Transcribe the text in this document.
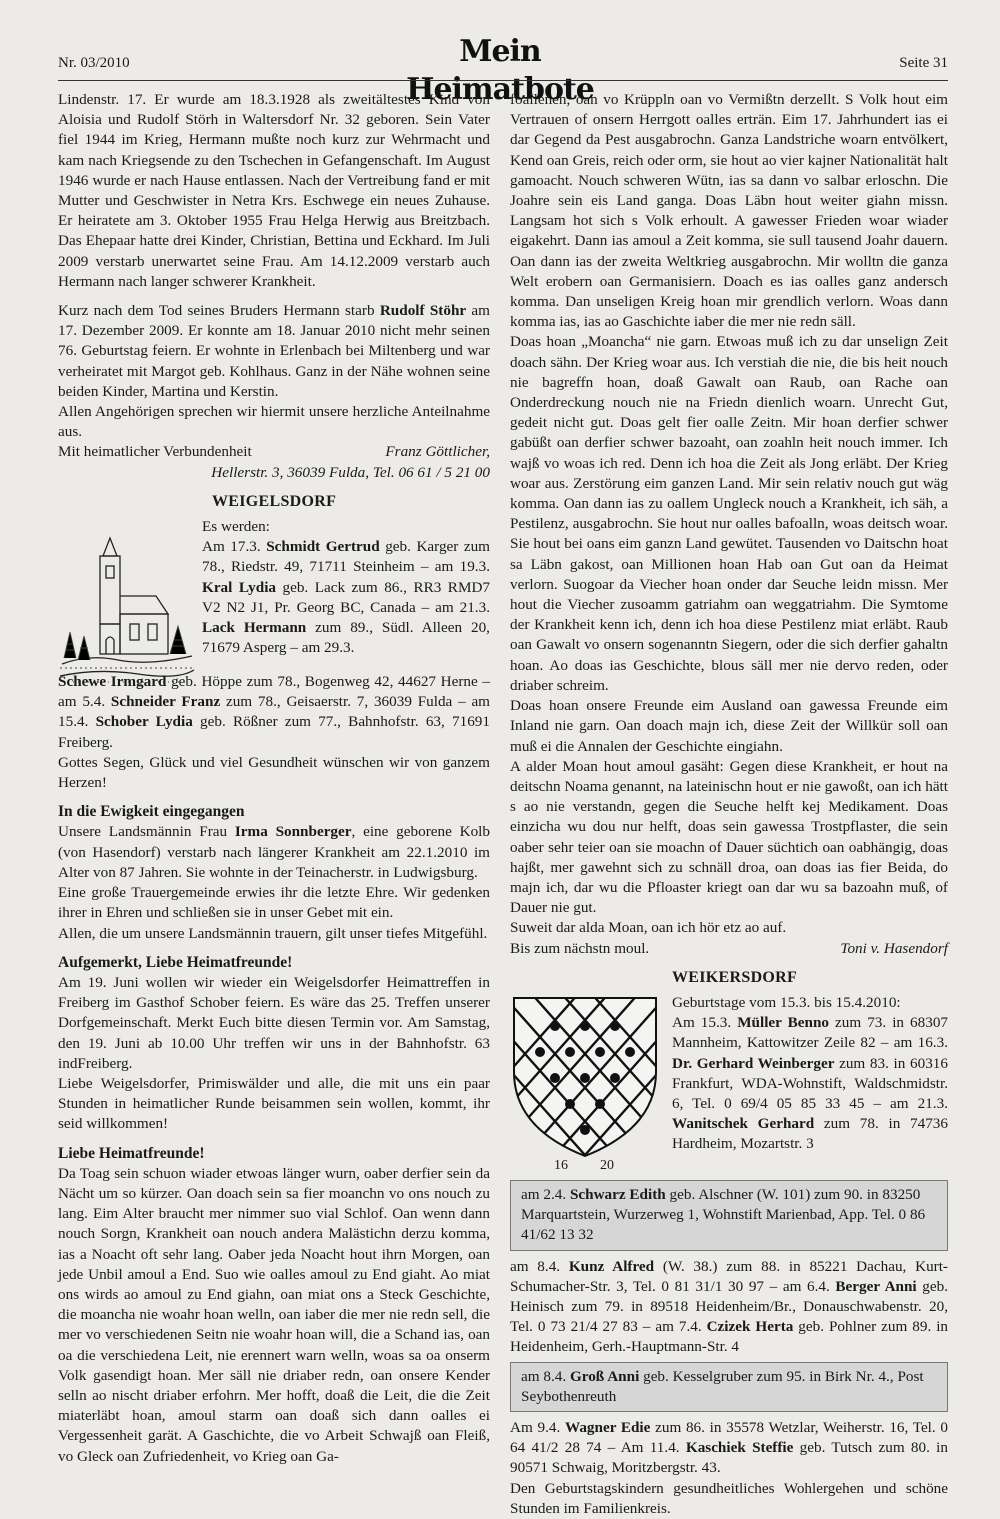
Nr. 03/2010	Mein Heimatbote
Seite 31

Lindenstr. 17. Er wurde am 18.3.1928 als zweitältestes Kind von Aloisia und Rudolf Störh in Waltersdorf Nr. 32 geboren. Sein Vater fiel 1944 im Krieg, Hermann mußte noch kurz zur Wehrmacht und kam nach Kriegsende zu den Tschechen in Gefangenschaft. Im August 1946 wurde er nach Hause entlassen. Nach der Vertreibung fand er mit Mutter und Geschwister in Netra Krs. Eschwege ein neues Zuhause. Er heiratete am 3. Oktober 1955 Frau Helga Herwig aus Breitzbach. Das Ehepaar hatte drei Kinder, Christian, Bettina und Eckhard. Im Juli 2009 verstarb unerwartet seine Frau. Am 14.12.2009 verstarb auch Hermann nach langer schwerer Krankheit.

Kurz nach dem Tod seines Bruders Hermann starb Rudolf Stöhr am 17. Dezember 2009. Er konnte am 18. Januar 2010 nicht mehr seinen 76. Geburtstag feiern. Er wohnte in Erlenbach bei Miltenberg und war verheiratet mit Margot geb. Kohlhaus. Ganz in der Nähe wohnen seine beiden Kinder, Martina und Kerstin.

Allen Angehörigen sprechen wir hiermit unsere herzliche Anteilnahme aus.

Mit heimatlicher Verbundenheit	Franz Göttlicher,

Hellerstr. 3, 36039 Fulda, Tel. 06 61 / 5 21 00

WEIGELSDORF

Es werden:

Am 17.3. Schmidt Gertrud geb. Karger zum 78., Riedstr. 49, 71711 Steinheim – am 19.3. Kral Lydia geb. Lack zum 86., RR3 RMD7 V2 N2 J1, Pr. Georg BC, Canada – am 21.3. Lack Hermann zum 89., Südl. Alleen 20, 71679 Asperg – am 29.3.

Schewe Irmgard geb. Höppe zum 78., Bogenweg 42, 44627 Herne – am 5.4. Schneider Franz zum 78., Geisaerstr. 7, 36039 Fulda – am 15.4. Schober Lydia geb. Rößner zum 77., Bahnhofstr. 63, 71691 Freiberg.

Gottes Segen, Glück und viel Gesundheit wünschen wir von ganzem Herzen!

In die Ewigkeit eingegangen

Unsere Landsmännin Frau Irma Sonnberger, eine geborene Kolb (von Hasendorf) verstarb nach längerer Krankheit am 22.1.2010 im Alter von 87 Jahren. Sie wohnte in der Teinacherstr. in Ludwigsburg.

Eine große Trauergemeinde erwies ihr die letzte Ehre. Wir gedenken ihrer in Ehren und schließen sie in unser Gebet mit ein.

Allen, die um unsere Landsmännin trauern, gilt unser tiefes Mitgefühl.

Aufgemerkt, Liebe Heimatfreunde!

Am 19. Juni wollen wir wieder ein Weigelsdorfer Heimattreffen in Freiberg im Gasthof Schober feiern. Es wäre das 25. Treffen unserer Dorfgemeinschaft. Merkt Euch bitte diesen Termin vor. Am Samstag, den 19. Juni ab 10.00 Uhr treffen wir uns in der Bahnhofstr. 63 indFreiberg.

Liebe Weigelsdorfer, Primiswälder und alle, die mit uns ein paar Stunden in heimatlicher Runde beisammen sein wollen, kommt, ihr seid willkommen!

Liebe Heimatfreunde!

Da Toag sein schuon wiader etwoas länger wurn, oaber derfier sein da Nächt um so kürzer. Oan doach sein sa fier moanchn vo ons nouch zu lang. Eim Alter braucht mer nimmer suo vial Schlof. Oan wenn dann nouch Sorgn, Krankheit oan nouch andera Malästichn derzu komma, ias a Noacht oft sehr lang. Oaber jeda Noacht hout ihrn Morgen, oan jede Unbil amoul a End. Suo wie oalles amoul zu End giaht. Ao miat ons wirds ao amoul zu End giahn, oan miat ons a Steck Geschichte, die moancha nie woahr hoan welln, oan iaber die mer nie redn sell, die mer vo verschiedenen Seitn nie woahr hoan will, die a Schand ias, oan oa die verschiedena Leit, nie erennert warn welln, woas sa oa onserm Volk gasendigt hoan. Mer säll nie driaber redn, oan onsere Kender selln ao nischt driaber erfohrn. Mer hofft, doaß die Leit, die die Zeit miaterläbt hoan, amoul starm oan doaß sich dann oalles ei Vergessenheit garät. A Gaschichte, die vo Arbeit Schwajß oan Fleiß, vo Gleck oan Zufriedenheit, vo Krieg oan Ga-

foallenen, oan vo Krüppln oan vo Vermißtn derzellt. S Volk hout eim Vertrauen of onsern Herrgott oalles erträn. Eim 17. Jahrhundert ias ei dar Gegend da Pest ausgabrochn. Ganza Landstriche woarn entvölkert, Kend oan Greis, reich oder orm, sie hout ao vier kajner Nationalität halt gamoacht. Nouch schweren Wütn, ias sa dann vo salbar erloschn. Die Joahre sein eis Land ganga. Doas Läbn hout weiter giahn missn. Langsam hot sich s Volk erhoult. A gawesser Frieden woar wiader eigakehrt. Dann ias amoul a Zeit komma, sie sull tausend Joahr dauern. Oan dann ias der zweita Weltkrieg ausgabrochn. Mir wolltn die ganza Welt erobern oan Germanisiern. Doach es ias oalles ganz andersch komma. Dan unseligen Kreig hoan mir grendlich verlorn. Woas dann komma ias, ias ao Gaschichte iaber die mer nie redn säll.

Doas hoan „Moancha“ nie garn. Etwoas muß ich zu dar unselign Zeit doach sähn. Der Krieg woar aus. Ich verstiah die nie, die bis heit nouch nie bagreffn hoan, doaß Gawalt oan Raub, oan Rache oan Onderdreckung nouch nie na Friedn dienlich woarn. Unrecht Gut, gedeit nicht gut. Doas gelt fier oalle Zeitn. Mir hoan derfier schwer gabüßt oan derfier schwer bazoaht, oan zoahln heit nouch immer. Ich wajß vo woas ich red. Denn ich hoa die Zeit als Jong erläbt. Der Krieg woar aus. Zerstörung eim ganzen Land. Mir sein relativ nouch gut wäg komma. Oan dann ias zu oallem Ungleck nouch a Krankheit, ich säh, a Pestilenz, ausgabrochn. Sie hout nur oalles bafoalln, woas deitsch woar. Sie hout bei oans eim ganzn Land gewütet. Tausenden vo Daitschn hoat sa Läbn gakost, oan Millionen hoan Hab oan Gut oan da Heimat verlorn. Suogoar da Viecher hoan onder dar Seuche leidn missn. Mer hout die Viecher zusoamm gatriahm oan weggatriahm. Die Symtome der Krankheit kenn ich, denn ich hoa diese Pestilenz miat erläbt. Raub oan Gawalt vo onsern sogenanntn Siegern, oder die sich derfier gahaltn hoan. Ao doas ias Geschichte, blous säll mer nie dervo reden, oder driaber schreim.

Doas hoan onsere Freunde eim Ausland oan gawessa Freunde eim Inland nie garn. Oan doach majn ich, diese Zeit der Willkür soll oan muß ei die Annalen der Geschichte eingiahn.

A alder Moan hout amoul gasäht: Gegen diese Krankheit, er hout na deitschn Noama genannt, na lateinischn hout er nie gawoßt, oan ich hätt s ao nie verstandn, gegen die Seuche helft kej Medikament. Doas einzicha wu dou nur helft, doas sein gawessa Trostpflaster, die sein oaber sehr teier oan sie moachn of Dauer süchtich oan oabhängig, doas hajßt, mer gawehnt sich zu schnäll droa, oan doas ias fier Beida, do majn ich, dar wu die Pfloaster kriegt oan dar wu sa bazoahn muß, of Dauer nie gut.

Suweit dar alda Moan, oan ich hör etz ao auf.

Bis zum nächstn moul.	Toni v. Hasendorf
16 20

WEIKERSDORF

Geburtstage vom 15.3. bis 15.4.2010:

Am 15.3. Müller Benno zum 73. in 68307 Mannheim, Kattowitzer Zeile 82 – am 16.3. Dr. Gerhard Weinberger zum 83. in 60316 Frankfurt, WDA-Wohnstift, Waldschmidstr. 6, Tel. 0 69/4 05 85 33 45 – am 21.3. Wanitschek Gerhard zum 78. in 74736 Hardheim, Mozartstr. 3

am 2.4. Schwarz Edith geb. Alschner (W. 101) zum 90. in 83250 Marquartstein, Wurzerweg 1, Wohnstift Marienbad, App. Tel. 0 86 41/62 13 32

am 8.4. Kunz Alfred (W. 38.) zum 88. in 85221 Dachau, Kurt-Schumacher-Str. 3, Tel. 0 81 31/1 30 97 – am 6.4. Berger Anni geb. Heinisch zum 79. in 89518 Heidenheim/Br., Donauschwabenstr. 20, Tel. 0 73 21/4 27 83 – am 7.4. Czizek Herta geb. Pohlner zum 89. in Heidenheim, Gerh.-Hauptmann-Str. 4

am 8.4. Groß Anni geb. Kesselgruber zum 95. in Birk Nr. 4., Post Seybothenreuth

Am 9.4. Wagner Edie zum 86. in 35578 Wetzlar, Weiherstr. 16, Tel. 0 64 41/2 28 74 – Am 11.4. Kaschiek Steffie geb. Tutsch zum 80. in 90571 Schwaig, Moritzbergstr. 43.

Den Geburtstagskindern gesundheitliches Wohlergehen und schöne Stunden im Familienkreis.
